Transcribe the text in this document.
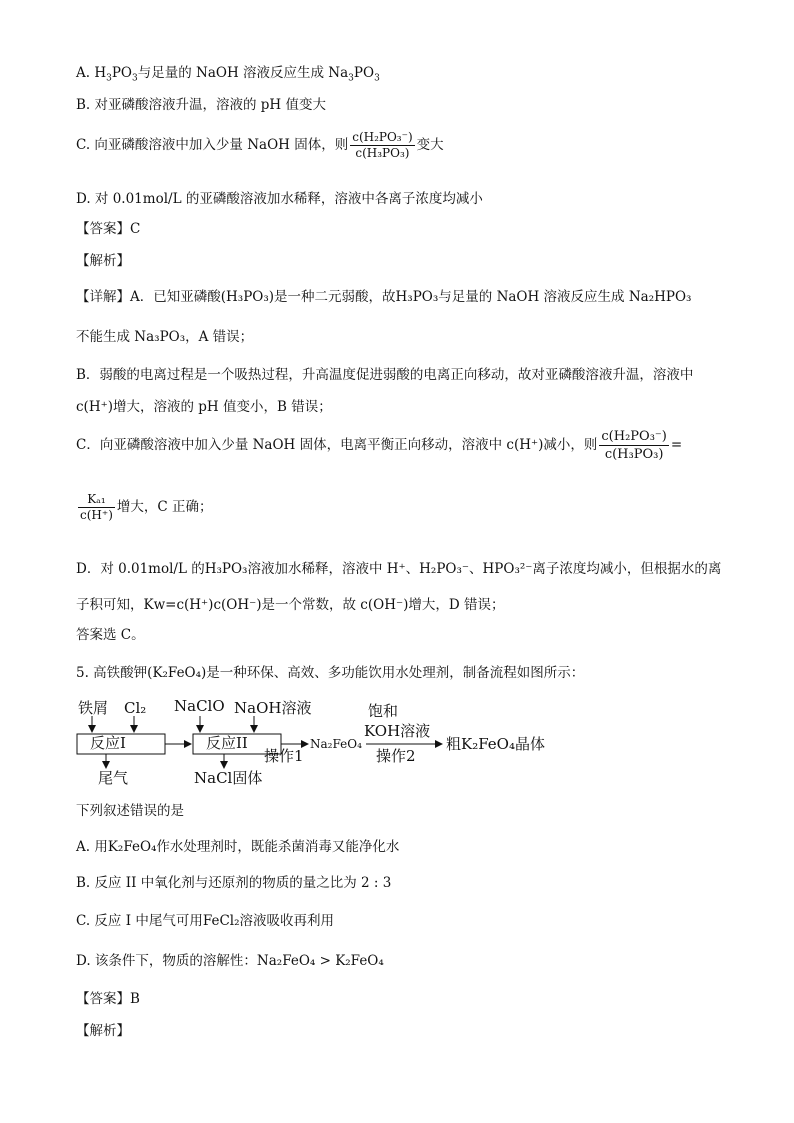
A. $H_3PO_3$与足量的 NaOH 溶液反应生成 $Na_3PO_3$
B. 对亚磷酸溶液升温，溶液的 pH 值变大
C. 向亚磷酸溶液中加入少量 NaOH 固体，则 $\frac{\text{c(H₂PO₃⁻)}}{\text{c(H₃PO₃)}}$ 变大
D. 对 0.01mol/L 的亚磷酸溶液加水稀释，溶液中各离子浓度均减小
【答案】C
【解析】
【详解】A．已知亚磷酸(H₃PO₃)是一种二元弱酸，故H₃PO₃与足量的 NaOH 溶液反应生成 Na₂HPO₃
不能生成 Na₃PO₃，A 错误；
B．弱酸的电离过程是一个吸热过程，升高温度促进弱酸的电离正向移动，故对亚磷酸溶液升温，溶液中
c(H⁺)增大，溶液的 pH 值变小，B 错误；
C．向亚磷酸溶液中加入少量 NaOH 固体，电离平衡正向移动，溶液中 c(H⁺)减小，则 $\frac{\text{c(H₂PO₃⁻)}}{\text{c(H₃PO₃)}}$ =
$\frac{\text{Kₐ₁}}{c(H^+)}$ 增大，C 正确；
D．对 0.01mol/L 的H₃PO₃溶液加水稀释，溶液中 H⁺、H₂PO₃⁻、HPO₃²⁻离子浓度均减小，但根据水的离
子积可知，Kw=c(H⁺)c(OH⁻)是一个常数，故 c(OH⁻)增大，D 错误；
答案选 C。
5. 高铁酸钾(K₂FeO₄)是一种环保、高效、多功能饮用水处理剂，制备流程如图所示：
铁屑 Cl₂
反应I
尾气
NaClO NaOH溶液
反应II
NaCl固体
操作1
Na₂FeO₄
饱和
KOH溶液
操作2
粗K₂FeO₄晶体
下列叙述错误的是
A. 用K₂FeO₄作水处理剂时，既能杀菌消毒又能净化水
B. 反应 II 中氧化剂与还原剂的物质的量之比为 2 : 3
C. 反应 I 中尾气可用FeCl₂溶液吸收再利用
D. 该条件下，物质的溶解性：Na₂FeO₄ > K₂FeO₄
【答案】B
【解析】
